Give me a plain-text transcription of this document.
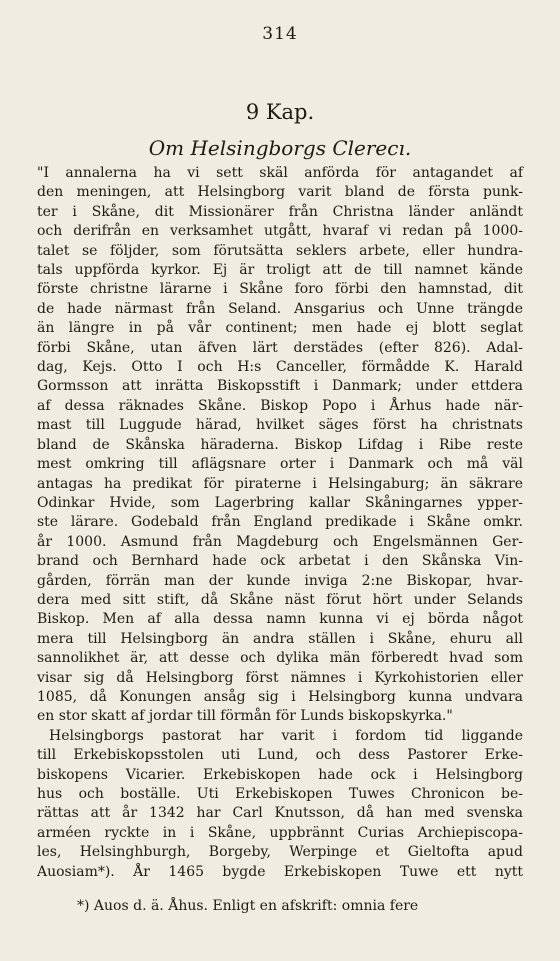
314
9 Kap.
Om Helsingborgs Clerecı.
"I annalerna ha vi sett skäl anförda för antagandet af
den meningen, att Helsingborg varit bland de första punk-
ter i Skåne, dit Missionärer från Christna länder anländt
och derifrån en verksamhet utgått, hvaraf vi redan på 1000-
talet se följder, som förutsätta seklers arbete, eller hundra-
tals uppförda kyrkor. Ej är troligt att de till namnet kände
förste christne lärarne i Skåne foro förbi den hamnstad, dit
de hade närmast från Seland. Ansgarius och Unne trängde
än längre in på vår continent; men hade ej blott seglat
förbi Skåne, utan äfven lärt derstädes (efter 826). Adal-
dag, Kejs. Otto I och H:s Canceller, förmådde K. Harald
Gormsson att inrätta Biskopsstift i Danmark; under ettdera
af dessa räknades Skåne. Biskop Popo i Århus hade när-
mast till Luggude härad, hvilket säges först ha christnats
bland de Skånska häraderna. Biskop Lifdag i Ribe reste
mest omkring till aflägsnare orter i Danmark och må väl
antagas ha predikat för piraterne i Helsingaburg; än säkrare
Odinkar Hvide, som Lagerbring kallar Skåningarnes ypper-
ste lärare. Godebald från England predikade i Skåne omkr.
år 1000. Asmund från Magdeburg och Engelsmännen Ger-
brand och Bernhard hade ock arbetat i den Skånska Vin-
gården, förrän man der kunde inviga 2:ne Biskopar, hvar-
dera med sitt stift, då Skåne näst förut hört under Selands
Biskop. Men af alla dessa namn kunna vi ej börda något
mera till Helsingborg än andra ställen i Skåne, ehuru all
sannolikhet är, att desse och dylika män förberedt hvad som
visar sig då Helsingborg först nämnes i Kyrkohistorien eller
1085, då Konungen ansåg sig i Helsingborg kunna undvara
en stor skatt af jordar till förmån för Lunds biskopskyrka."
Helsingborgs pastorat har varit i fordom tid liggande
till Erkebiskopsstolen uti Lund, och dess Pastorer Erke-
biskopens Vicarier. Erkebiskopen hade ock i Helsingborg
hus och boställe. Uti Erkebiskopen Tuwes Chronicon be-
rättas att år 1342 har Carl Knutsson, då han med svenska
arméen ryckte in i Skåne, uppbrännt Curias Archiepiscopa-
les, Helsinghburgh, Borgeby, Werpinge et Gieltofta apud
Auosiam*). År 1465 bygde Erkebiskopen Tuwe ett nytt
*) Auos d. ä. Åhus. Enligt en afskrift: omnia fere
